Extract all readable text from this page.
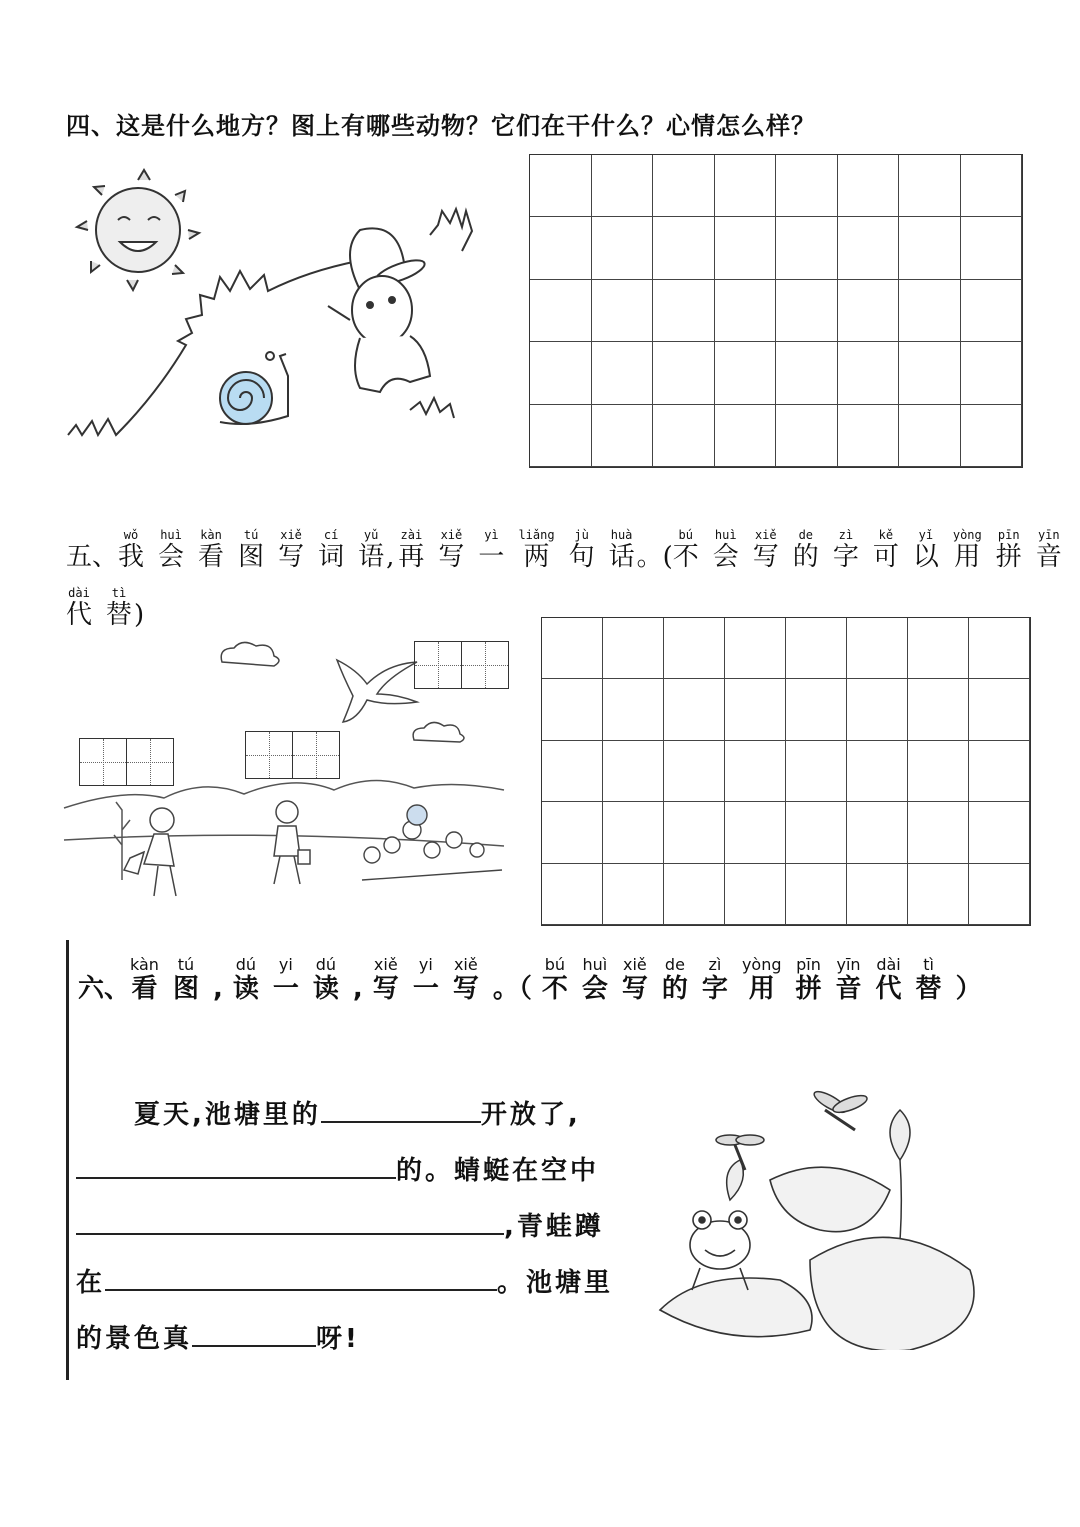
四、这是什么地方？图上有哪些动物？它们在干什么？心情怎么样？
五、
wǒ
我
huì
会
kàn
看
tú
图
xiě
写
cí
词
yǔ
语 ,
zài
再
xiě
写
yì
一
liǎng
两
jù
句
huà
话 。(
bú
不
huì
会
xiě
写
de
的
zì
字
kě
可
yǐ
以
yòng
用
pīn
拼
yīn
音
dài
代
tì
替 )
六、
kàn
看
tú
图 ,
dú
读
yi
一
dú
读 ,
xiě
写
yi
一
xiě
写 。（
bú
不
huì
会
xiě
写
de
的
zì
字
yòng
用
pīn
拼
yīn
音
dài
代
tì
替 ）
夏天,池塘里的	开放了,
的。蜻蜓在空中
,青蛙蹲
在	。池塘里
的景色真	呀!
